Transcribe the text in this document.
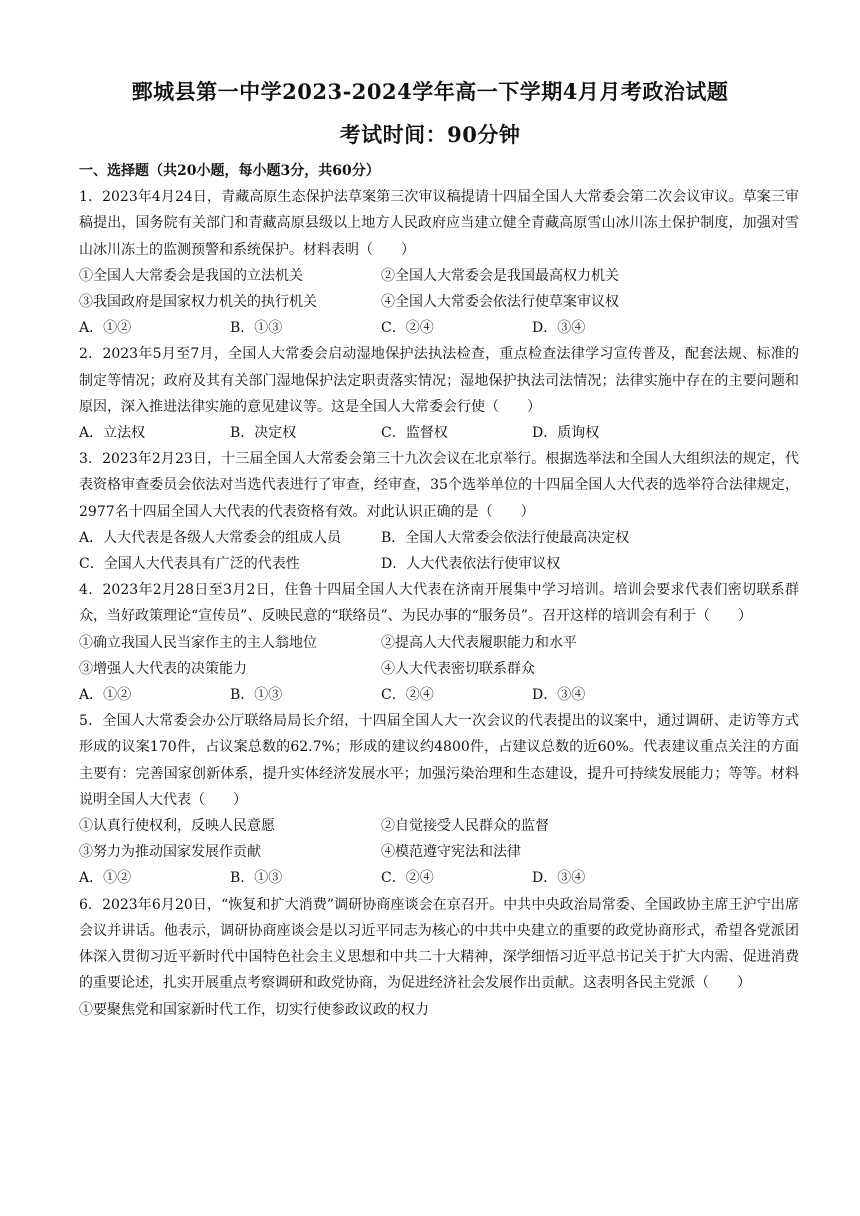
鄄城县第一中学2023-2024学年高一下学期4月月考政治试题
考试时间：90分钟
一、选择题（共20小题，每小题3分，共60分）

1．2023年4月24日，青藏高原生态保护法草案第三次审议稿提请十四届全国人大常委会第二次会议审议。草案三审稿提出，国务院有关部门和青藏高原县级以上地方人民政府应当建立健全青藏高原雪山冰川冻土保护制度，加强对雪山冰川冻土的监测预警和系统保护。材料表明（　　）

①全国人大常委会是我国的立法机关	②全国人大常委会是我国最高权力机关
③我国政府是国家权力机关的执行机关	④全国人大常委会依法行使草案审议权
A．①②	B．①③	C．②④	D．③④

2．2023年5月至7月，全国人大常委会启动湿地保护法执法检查，重点检查法律学习宣传普及，配套法规、标准的制定等情况；政府及其有关部门湿地保护法定职责落实情况；湿地保护执法司法情况；法律实施中存在的主要问题和原因，深入推进法律实施的意见建议等。这是全国人大常委会行使（　　）

A．立法权	B．决定权	C．监督权	D．质询权

3．2023年2月23日，十三届全国人大常委会第三十九次会议在北京举行。根据选举法和全国人大组织法的规定，代表资格审查委员会依法对当选代表进行了审查，经审查，35个选举单位的十四届全国人大代表的选举符合法律规定，2977名十四届全国人大代表的代表资格有效。对此认识正确的是（　　）

A．人大代表是各级人大常委会的组成人员	B．全国人大常委会依法行使最高决定权
C．全国人大代表具有广泛的代表性	D．人大代表依法行使审议权

4．2023年2月28日至3月2日，住鲁十四届全国人大代表在济南开展集中学习培训。培训会要求代表们密切联系群众，当好政策理论“宣传员”、反映民意的“联络员”、为民办事的“服务员”。召开这样的培训会有利于（　　）

①确立我国人民当家作主的主人翁地位	②提高人大代表履职能力和水平
③增强人大代表的决策能力	④人大代表密切联系群众
A．①②	B．①③	C．②④	D．③④

5．全国人大常委会办公厅联络局局长介绍，十四届全国人大一次会议的代表提出的议案中，通过调研、走访等方式形成的议案170件，占议案总数的62.7%；形成的建议约4800件，占建议总数的近60%。代表建议重点关注的方面主要有：完善国家创新体系，提升实体经济发展水平；加强污染治理和生态建设，提升可持续发展能力；等等。材料说明全国人大代表（　　）

①认真行使权利，反映人民意愿	②自觉接受人民群众的监督
③努力为推动国家发展作贡献	④模范遵守宪法和法律
A．①②	B．①③	C．②④	D．③④

6．2023年6月20日，“恢复和扩大消费”调研协商座谈会在京召开。中共中央政治局常委、全国政协主席王沪宁出席会议并讲话。他表示，调研协商座谈会是以习近平同志为核心的中共中央建立的重要的政党协商形式，希望各党派团体深入贯彻习近平新时代中国特色社会主义思想和中共二十大精神，深学细悟习近平总书记关于扩大内需、促进消费的重要论述，扎实开展重点考察调研和政党协商，为促进经济社会发展作出贡献。这表明各民主党派（　　）

①要聚焦党和国家新时代工作，切实行使参政议政的权力
